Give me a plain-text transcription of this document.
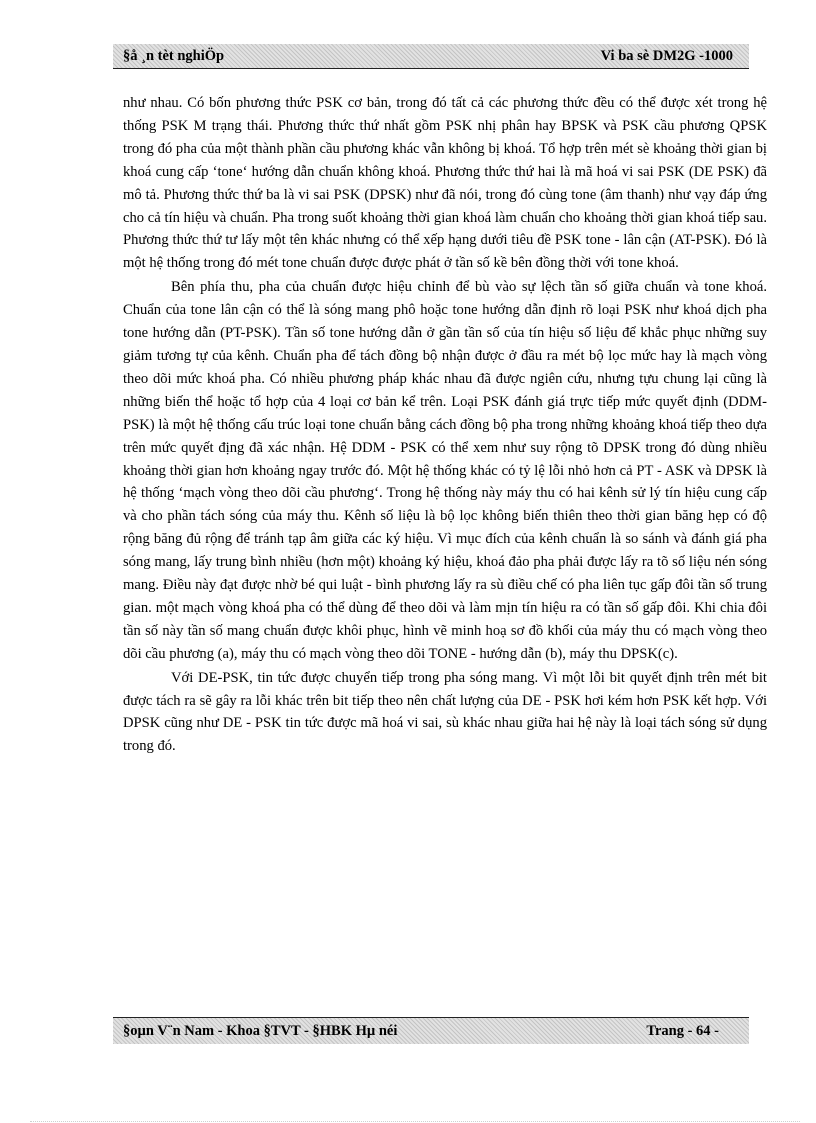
§å ¸n tèt nghiÖp	Vi ba sè DM2G -1000

như nhau. Có bốn phương thức PSK cơ bản, trong đó tất cả các phương thức đều có thể được xét trong hệ thống PSK M trạng thái. Phương thức thứ nhất gồm PSK nhị phân hay BPSK và PSK cầu phương QPSK trong đó pha của một thành phần cầu phương khác vẫn không bị khoá. Tổ hợp trên mét sè khoảng thời gian bị khoá cung cấp ‘tone‘ hướng dẫn chuẩn không khoá. Phương thức thứ hai là mã hoá vi sai PSK (DE PSK) đã mô tả. Phương thức thứ ba là vi sai PSK (DPSK) như đã nói, trong đó cùng tone (âm thanh) như vạy đáp ứng cho cả tín hiệu và chuẩn. Pha trong suốt khoảng thời gian khoá làm chuẩn cho khoảng thời gian khoá tiếp sau. Phương thức thứ tư lấy một tên khác nhưng có thể xếp hạng dưới tiêu đề PSK tone - lân cận (AT-PSK). Đó là một hệ thống trong đó mét tone chuẩn được được phát ở tần số kề bên đồng thời với tone khoá.

Bên phía thu, pha của chuẩn được hiệu chỉnh để bù vào sự lệch tần số giữa chuẩn và tone khoá. Chuẩn của tone lân cận có thể là sóng mang phô hoặc tone hướng dẫn định rõ loại PSK như khoá dịch pha tone hướng dẫn (PT-PSK). Tần số tone hướng dẫn ở gần tần số của tín hiệu số liệu để khắc phục những suy giảm tương tự của kênh. Chuẩn pha để tách đồng bộ nhận được ở đầu ra mét bộ lọc mức hay là mạch vòng theo dõi mức khoá pha. Có nhiều phương pháp khác nhau đã được ngiên cứu, nhưng tựu chung lại cũng là những biến thể hoặc tổ hợp của 4 loại cơ bản kể trên. Loại PSK đánh giá trực tiếp mức quyết định (DDM-PSK) là một hệ thống cấu trúc loại tone chuẩn bằng cách đồng bộ pha trong những khoảng khoá tiếp theo dựa trên mức quyết địng đã xác nhận. Hệ DDM - PSK có thể xem như suy rộng tõ DPSK trong đó dùng nhiều khoảng thời gian hơn khoảng ngay trước đó. Một hệ thống khác có tỷ lệ lỗi nhỏ hơn cả PT - ASK và DPSK là hệ thống ‘mạch vòng theo dõi cầu phương‘. Trong hệ thống này máy thu có hai kênh sử lý tín hiệu cung cấp và cho phần tách sóng của máy thu. Kênh số liệu là bộ lọc không biến thiên theo thời gian băng hẹp có độ rộng băng đủ rộng để tránh tạp âm giữa các ký hiệu. Vì mục đích của kênh chuẩn là so sánh và đánh giá pha sóng mang, lấy trung bình nhiều (hơn một) khoảng ký hiệu, khoá đảo pha phải được lấy ra tõ số liệu nén sóng mang. Điều này đạt được nhờ bé qui luật - bình phương lấy ra sù điều chế có pha liên tục gấp đôi tần số trung gian. một mạch vòng khoá pha có thể dùng để theo dõi và làm mịn tín hiệu ra có tần số gấp đôi. Khi chia đôi tần số này tần số mang chuẩn được khôi phục, hình vẽ minh hoạ sơ đồ khối của máy thu có mạch vòng theo dõi cầu phương (a), máy thu có mạch vòng theo dõi TONE - hướng dẫn (b), máy thu DPSK(c).

Với DE-PSK, tin tức được chuyển tiếp trong pha sóng mang. Vì một lỗi bit quyết định trên mét bit được tách ra sẽ gây ra lỗi khác trên bit tiếp theo nên chất lượng của DE - PSK hơi kém hơn PSK kết hợp. Với DPSK cũng như DE - PSK tin tức được mã hoá vi sai, sù khác nhau giữa hai hệ này là loại tách sóng sử dụng trong đó.

§oµn V¨n Nam - Khoa §TVT - §HBK Hµ néi	Trang - 64 -
